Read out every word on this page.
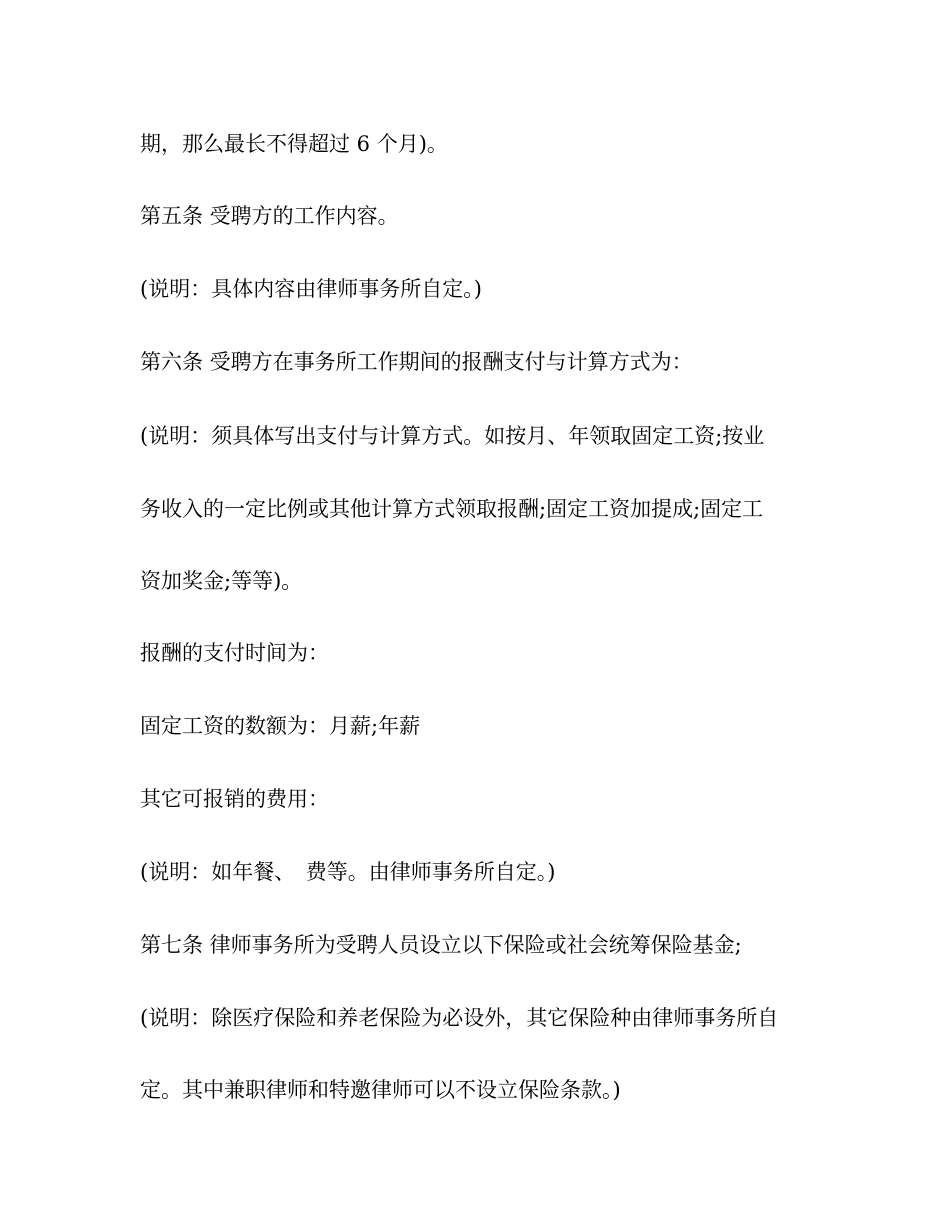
期，那么最长不得超过 6 个月)。
第五条 受聘方的工作内容。
(说明：具体内容由律师事务所自定。)
第六条 受聘方在事务所工作期间的报酬支付与计算方式为：
(说明：须具体写出支付与计算方式。如按月、年领取固定工资;按业
务收入的一定比例或其他计算方式领取报酬;固定工资加提成;固定工
资加奖金;等等)。
报酬的支付时间为：
固定工资的数额为：月薪;年薪
其它可报销的费用：
(说明：如年餐、　费等。由律师事务所自定。)
第七条 律师事务所为受聘人员设立以下保险或社会统筹保险基金;
(说明：除医疗保险和养老保险为必设外，其它保险种由律师事务所自
定。其中兼职律师和特邀律师可以不设立保险条款。)
